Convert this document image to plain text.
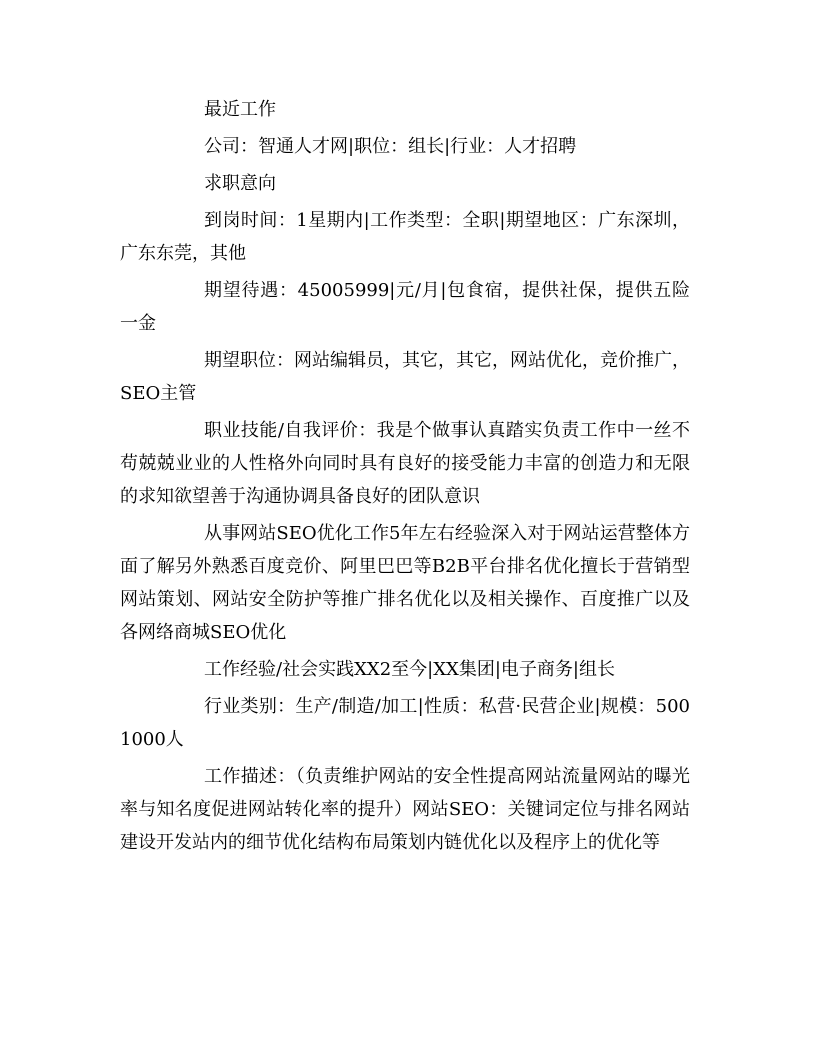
最近工作

公司：智通人才网|职位：组长|行业：人才招聘

求职意向

到岗时间：1星期内|工作类型：全职|期望地区：广东深圳，广东东莞，其他

期望待遇：45005999|元/月|包食宿，提供社保，提供五险一金

期望职位：网站编辑员，其它，其它，网站优化，竞价推广，SEO主管

职业技能/自我评价：我是个做事认真踏实负责工作中一丝不苟兢兢业业的人性格外向同时具有良好的接受能力丰富的创造力和无限的求知欲望善于沟通协调具备良好的团队意识

从事网站SEO优化工作5年左右经验深入对于网站运营整体方面了解另外熟悉百度竞价、阿里巴巴等B2B平台排名优化擅长于营销型网站策划、网站安全防护等推广排名优化以及相关操作、百度推广以及各网络商城SEO优化

工作经验/社会实践XX2至今|XX集团|电子商务|组长

行业类别：生产/制造/加工|性质：私营·民营企业|规模：5001000人

工作描述：（负责维护网站的安全性提高网站流量网站的曝光率与知名度促进网站转化率的提升）网站SEO：关键词定位与排名网站建设开发站内的细节优化结构布局策划内链优化以及程序上的优化等
